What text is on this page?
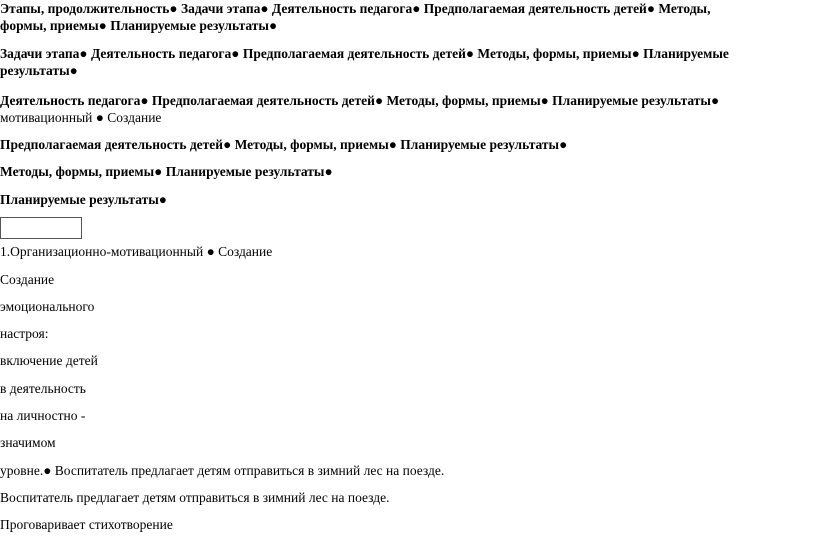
Этапы, продолжительность● Задачи этапа● Деятельность педагога● Предполагаемая деятельность детей● Методы, формы, приемы● Планируемые результаты●
Задачи этапа● Деятельность педагога● Предполагаемая деятельность детей● Методы, формы, приемы● Планируемые результаты●
Деятельность педагога● Предполагаемая деятельность детей● Методы, формы, приемы● Планируемые результаты●
мотивационный ● Создание
Предполагаемая деятельность детей● Методы, формы, приемы● Планируемые результаты●
Методы, формы, приемы● Планируемые результаты●
Планируемые результаты●
1.Организационно-мотивационный ● Создание
Создание
эмоционального
настроя:
включение детей
в деятельность
на личностно -
значимом
уровне.● Воспитатель предлагает детям отправиться в зимний лес на поезде.
Воспитатель предлагает детям отправиться в зимний лес на поезде.
Проговаривает стихотворение
